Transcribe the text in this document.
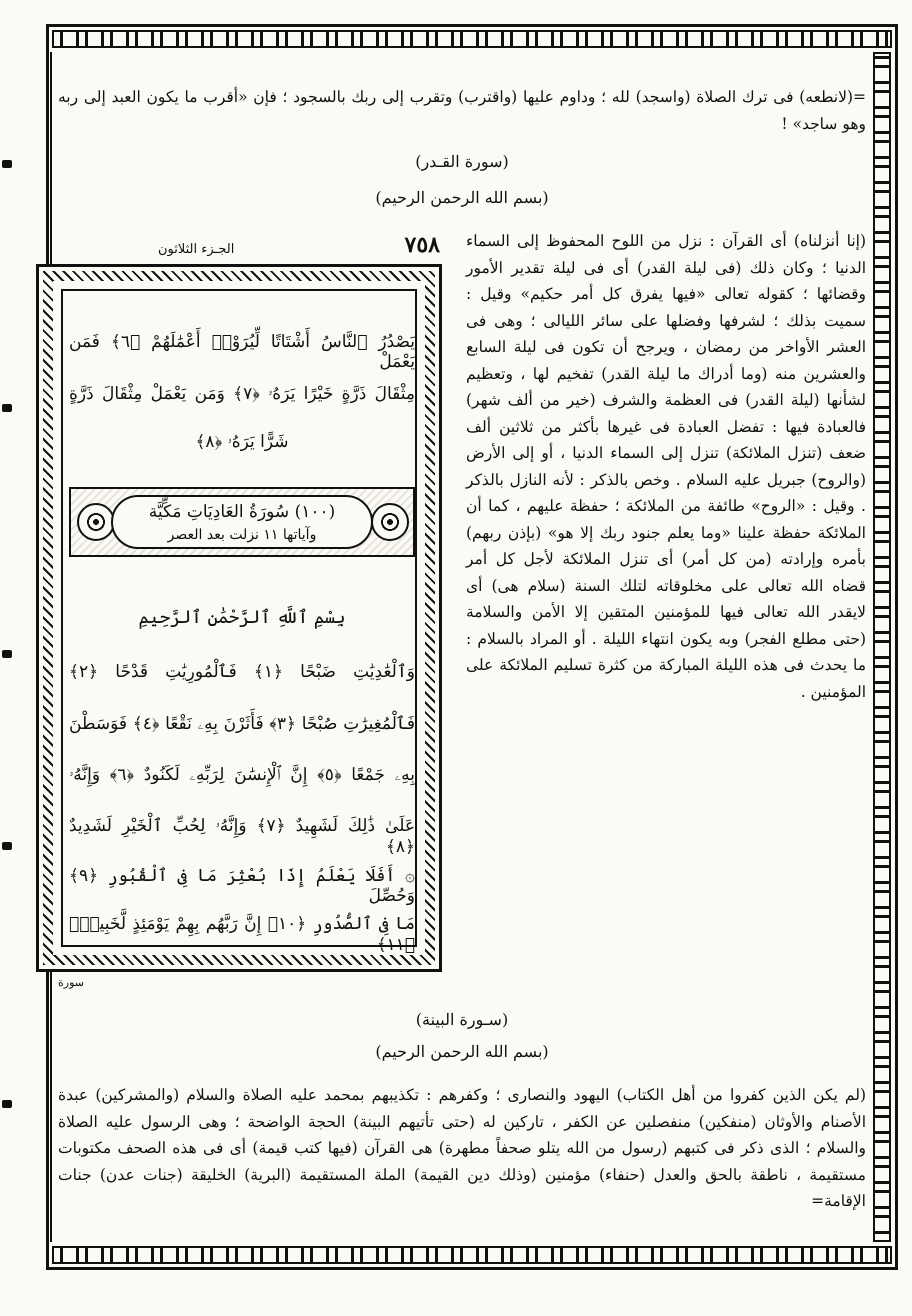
=(لانطعه) فى ترك الصلاة (واسجد) لله ؛ وداوم عليها (واقترب) وتقرب إلى ربك بالسجود ؛ فإن «أقرب ما يكون العبد إلى ربه وهو ساجد» !

(سورة القـدر)
(بسم الله الرحمن الرحيم)

(إنا أنزلناه) أى القرآن : نزل من اللوح المحفوظ إلى السماء الدنيا ؛ وكان ذلك (فى ليلة القدر) أى فى ليلة تقدير الأمور وقضائها ؛ كقوله تعالى «فيها يفرق كل أمر حكيم» وقيل : سميت بذلك ؛ لشرفها وفضلها على سائر الليالى ؛ وهى فى العشر الأواخر من رمضان ، ويرجح أن تكون فى ليلة السابع والعشرين منه (وما أدراك ما ليلة القدر) تفخيم لها ، وتعظيم لشأنها (ليلة القدر) فى العظمة والشرف (خير من ألف شهر) فالعبادة فيها : تفضل العبادة فى غيرها بأكثر من ثلاثين ألف ضعف (تنزل الملائكة) تنزل إلى السماء الدنيا ، أو إلى الأرض (والروح) جبريل عليه السلام . وخص بالذكر : لأنه النازل بالذكر . وقيل : «الروح» طائفة من الملائكة ؛ حفظة عليهم ، كما أن الملائكة حفظة علينا «وما يعلم جنود ربك إلا هو» (بإذن ربهم) بأمره وإرادته (من كل أمر) أى تنزل الملائكة لأجل كل أمر قضاه الله تعالى على مخلوقاته لتلك السنة (سلام هى) أى لايقدر الله تعالى فيها للمؤمنين المتقين إلا الأمن والسلامة (حتى مطلع الفجر) وبه يكون انتهاء الليلة . أو المراد بالسلام : ما يحدث فى هذه الليلة المباركة من كثرة تسليم الملائكة على المؤمنين .

٧٥٨
الجـزء الثلاثون
يَصْدُرُ ٱلنَّاسُ أَشْتَاتًا لِّيُرَوْا۟ أَعْمَٰلَهُمْ ﴿٦﴾ فَمَن يَعْمَلْ
مِثْقَالَ ذَرَّةٍ خَيْرًا يَرَهُۥ ﴿٧﴾ وَمَن يَعْمَلْ مِثْقَالَ ذَرَّةٍ
شَرًّا يَرَهُۥ ﴿٨﴾
(١٠٠) سُورَةُ العَادِيَاتِ مَكِّيَّة
وآياتها ١١ نزلت بعد العصر
بِسْمِ ٱللَّهِ ٱلرَّحْمَٰنِ ٱلرَّحِيمِ
وَٱلْعَٰدِيَٰتِ ضَبْحًا ﴿١﴾ فَٱلْمُورِيَٰتِ قَدْحًا ﴿٢﴾
فَٱلْمُغِيرَٰتِ صُبْحًا ﴿٣﴾ فَأَثَرْنَ بِهِۦ نَقْعًا ﴿٤﴾ فَوَسَطْنَ
بِهِۦ جَمْعًا ﴿٥﴾ إِنَّ ٱلْإِنسَٰنَ لِرَبِّهِۦ لَكَنُودٌ ﴿٦﴾ وَإِنَّهُۥ
عَلَىٰ ذَٰلِكَ لَشَهِيدٌ ﴿٧﴾ وَإِنَّهُۥ لِحُبِّ ٱلْخَيْرِ لَشَدِيدٌ ﴿٨﴾
۞ أَفَلَا يَعْلَمُ إِذَا بُعْثِرَ مَا فِى ٱلْقُبُورِ ﴿٩﴾ وَحُصِّلَ
مَا فِى ٱلصُّدُورِ ﴿١٠﴾ إِنَّ رَبَّهُم بِهِمْ يَوْمَئِذٍ لَّخَبِيرٌۢ ﴿١١﴾
سورة
(سـورة البينة)
(بسم الله الرحمن الرحيم)

(لم يكن الذين كفروا من أهل الكتاب) اليهود والنصارى ؛ وكفرهم : تكذيبهم بمحمد عليه الصلاة والسلام (والمشركين) عبدة الأصنام والأوثان (منفكين) منفصلين عن الكفر ، تاركين له (حتى تأتيهم البينة) الحجة الواضحة ؛ وهى الرسول عليه الصلاة والسلام ؛ الذى ذكر فى كتبهم (رسول من الله يتلو صحفاً مطهرة) هى القرآن (فيها كتب قيمة) أى فى هذه الصحف مكتوبات مستقيمة ، ناطقة بالحق والعدل (حنفاء) مؤمنين (وذلك دين القيمة) الملة المستقيمة (البرية) الخليقة (جنات عدن) جنات الإقامة=
